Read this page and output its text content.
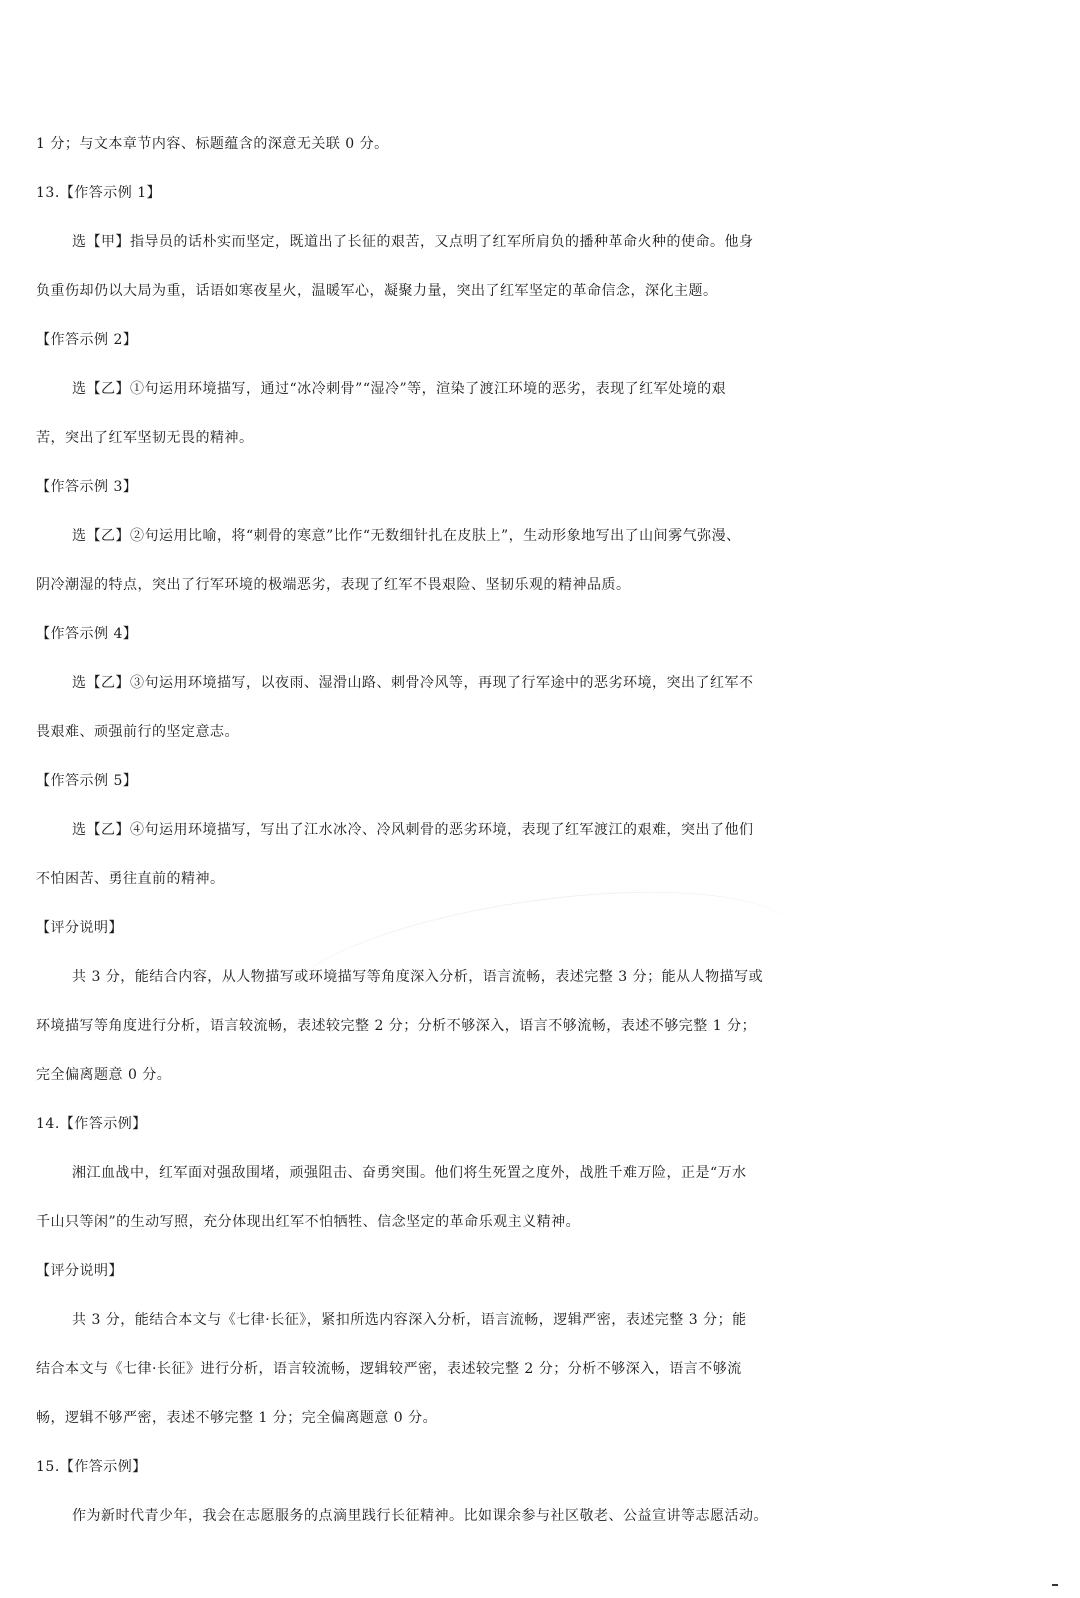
1 分；与文本章节内容、标题蕴含的深意无关联 0 分。
13.【作答示例 1】
选【甲】指导员的话朴实而坚定，既道出了长征的艰苦，又点明了红军所肩负的播种革命火种的使命。他身
负重伤却仍以大局为重，话语如寒夜星火，温暖军心，凝聚力量，突出了红军坚定的革命信念，深化主题。
【作答示例 2】
选【乙】①句运用环境描写，通过“冰冷刺骨”“湿冷”等，渲染了渡江环境的恶劣，表现了红军处境的艰
苦，突出了红军坚韧无畏的精神。
【作答示例 3】
选【乙】②句运用比喻，将“刺骨的寒意”比作“无数细针扎在皮肤上”，生动形象地写出了山间雾气弥漫、
阴冷潮湿的特点，突出了行军环境的极端恶劣，表现了红军不畏艰险、坚韧乐观的精神品质。
【作答示例 4】
选【乙】③句运用环境描写，以夜雨、湿滑山路、刺骨冷风等，再现了行军途中的恶劣环境，突出了红军不
畏艰难、顽强前行的坚定意志。
【作答示例 5】
选【乙】④句运用环境描写，写出了江水冰冷、冷风刺骨的恶劣环境，表现了红军渡江的艰难，突出了他们
不怕困苦、勇往直前的精神。
【评分说明】
共 3 分，能结合内容，从人物描写或环境描写等角度深入分析，语言流畅，表述完整 3 分；能从人物描写或
环境描写等角度进行分析，语言较流畅，表述较完整 2 分；分析不够深入，语言不够流畅，表述不够完整 1 分；
完全偏离题意 0 分。
14.【作答示例】
湘江血战中，红军面对强敌围堵，顽强阻击、奋勇突围。他们将生死置之度外，战胜千难万险，正是“万水
千山只等闲”的生动写照，充分体现出红军不怕牺牲、信念坚定的革命乐观主义精神。
【评分说明】
共 3 分，能结合本文与《七律·长征》，紧扣所选内容深入分析，语言流畅，逻辑严密，表述完整 3 分；能
结合本文与《七律·长征》进行分析，语言较流畅，逻辑较严密，表述较完整 2 分；分析不够深入，语言不够流
畅，逻辑不够严密，表述不够完整 1 分；完全偏离题意 0 分。
15.【作答示例】
作为新时代青少年，我会在志愿服务的点滴里践行长征精神。比如课余参与社区敬老、公益宣讲等志愿活动。
